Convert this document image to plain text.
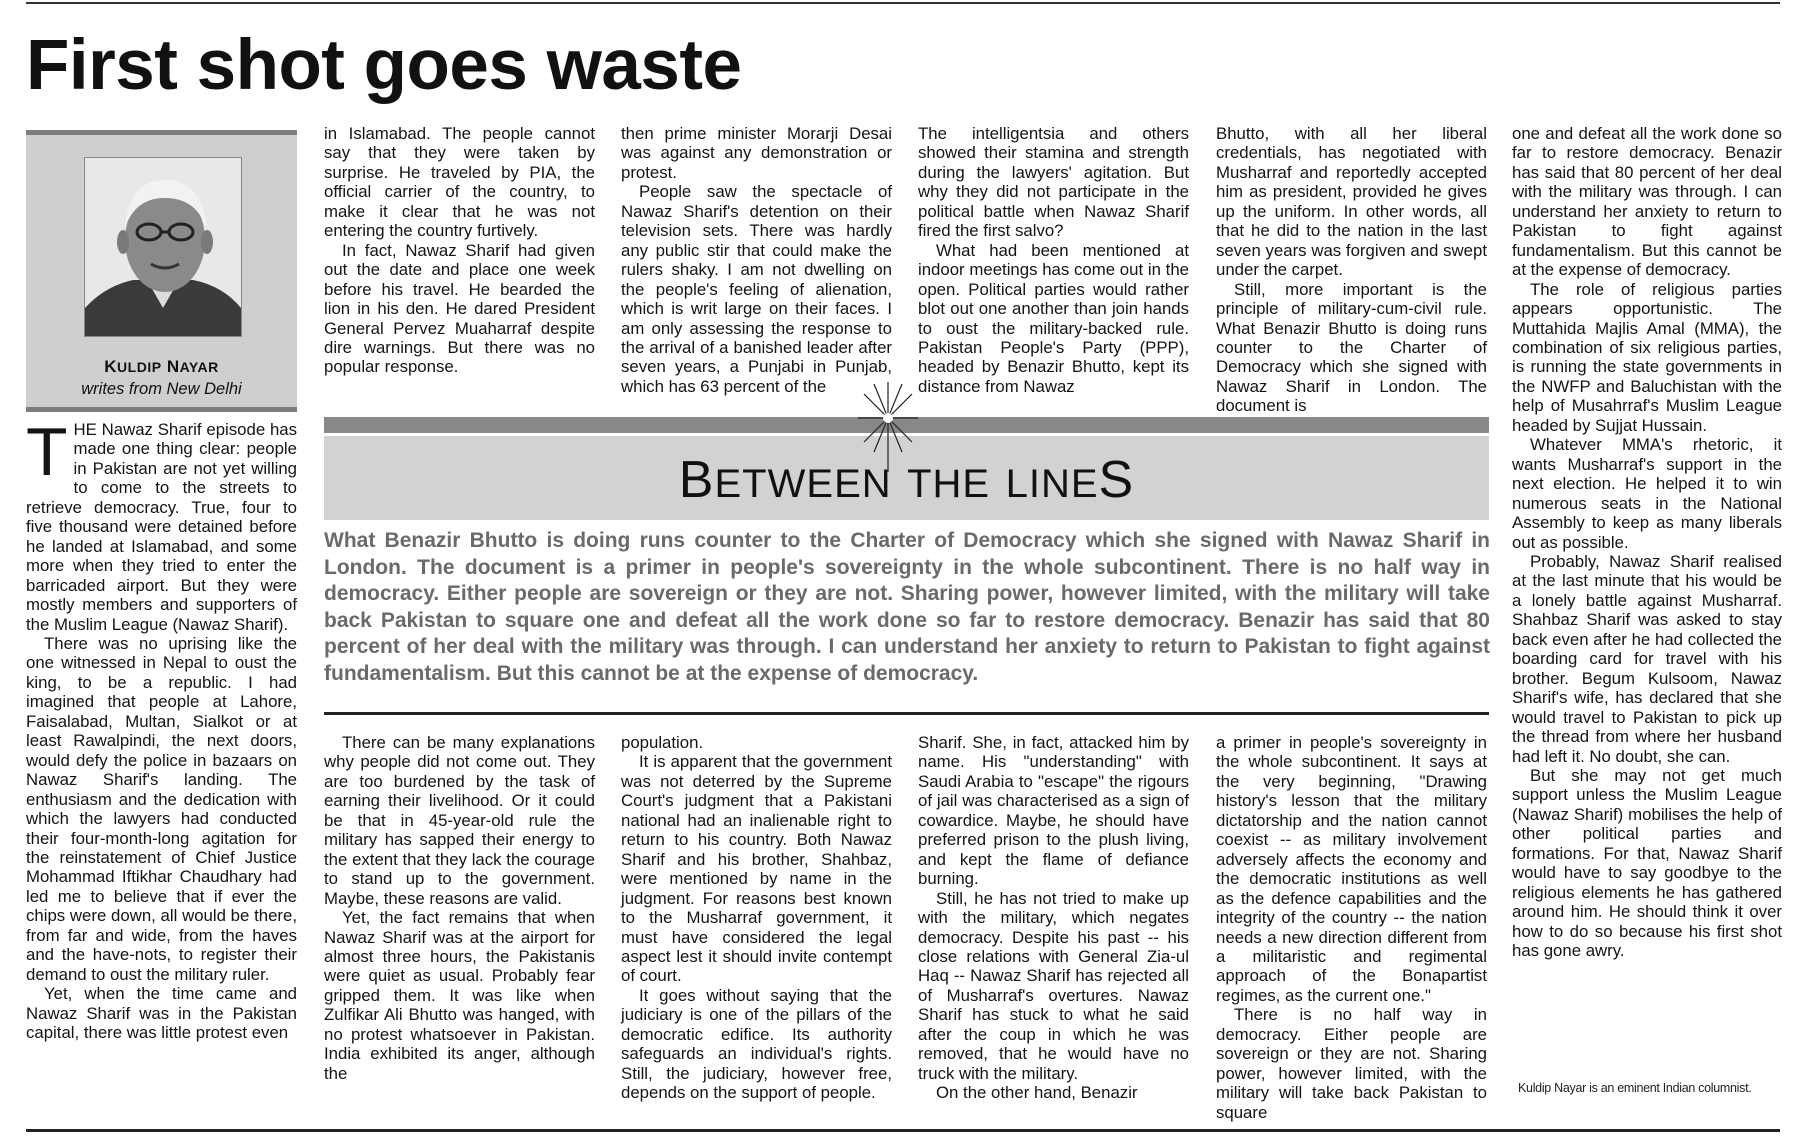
First shot goes waste
KULDIP NAYAR
writes from New Delhi

THE Nawaz Sharif episode has made one thing clear: people in Pakistan are not yet willing to come to the streets to retrieve democracy. True, four to five thousand were detained before he landed at Islamabad, and some more when they tried to enter the barricaded airport. But they were mostly members and supporters of the Muslim League (Nawaz Sharif).

There was no uprising like the one witnessed in Nepal to oust the king, to be a republic. I had imagined that people at Lahore, Faisalabad, Multan, Sialkot or at least Rawalpindi, the next doors, would defy the police in bazaars on Nawaz Sharif's landing. The enthusiasm and the dedication with which the lawyers had conducted their four-month-long agitation for the reinstatement of Chief Justice Mohammad Iftikhar Chaudhary had led me to believe that if ever the chips were down, all would be there, from far and wide, from the haves and the have-nots, to register their demand to oust the military ruler.

Yet, when the time came and Nawaz Sharif was in the Pakistan capital, there was little protest even

in Islamabad. The people cannot say that they were taken by surprise. He traveled by PIA, the official carrier of the country, to make it clear that he was not entering the country furtively.

In fact, Nawaz Sharif had given out the date and place one week before his travel. He bearded the lion in his den. He dared President General Pervez Muaharraf despite dire warnings. But there was no popular response.

then prime minister Morarji Desai was against any demonstration or protest.

People saw the spectacle of Nawaz Sharif's detention on their television sets. There was hardly any public stir that could make the rulers shaky. I am not dwelling on the people's feeling of alienation, which is writ large on their faces. I am only assessing the response to the arrival of a banished leader after seven years, a Punjabi in Punjab, which has 63 percent of the

The intelligentsia and others showed their stamina and strength during the lawyers' agitation. But why they did not participate in the political battle when Nawaz Sharif fired the first salvo?

What had been mentioned at indoor meetings has come out in the open. Political parties would rather blot out one another than join hands to oust the military-backed rule. Pakistan People's Party (PPP), headed by Benazir Bhutto, kept its distance from Nawaz

Bhutto, with all her liberal credentials, has negotiated with Musharraf and reportedly accepted him as president, provided he gives up the uniform. In other words, all that he did to the nation in the last seven years was forgiven and swept under the carpet.

Still, more important is the principle of military-cum-civil rule. What Benazir Bhutto is doing runs counter to the Charter of Democracy which she signed with Nawaz Sharif in London. The document is

BETWEEN THE LINES
What Benazir Bhutto is doing runs counter to the Charter of Democracy which she signed with Nawaz Sharif in London. The document is a primer in people's sovereignty in the whole subcontinent. There is no half way in democracy. Either people are sovereign or they are not. Sharing power, however limited, with the military will take back Pakistan to square one and defeat all the work done so far to restore democracy. Benazir has said that 80 percent of her deal with the military was through. I can understand her anxiety to return to Pakistan to fight against fundamentalism. But this cannot be at the expense of democracy.

There can be many explanations why people did not come out. They are too burdened by the task of earning their livelihood. Or it could be that in 45-year-old rule the military has sapped their energy to the extent that they lack the courage to stand up to the government. Maybe, these reasons are valid.

Yet, the fact remains that when Nawaz Sharif was at the airport for almost three hours, the Pakistanis were quiet as usual. Probably fear gripped them. It was like when Zulfikar Ali Bhutto was hanged, with no protest whatsoever in Pakistan. India exhibited its anger, although the

population.

It is apparent that the government was not deterred by the Supreme Court's judgment that a Pakistani national had an inalienable right to return to his country. Both Nawaz Sharif and his brother, Shahbaz, were mentioned by name in the judgment. For reasons best known to the Musharraf government, it must have considered the legal aspect lest it should invite contempt of court.

It goes without saying that the judiciary is one of the pillars of the democratic edifice. Its authority safeguards an individual's rights. Still, the judiciary, however free, depends on the support of people.

Sharif. She, in fact, attacked him by name. His "understanding" with Saudi Arabia to "escape" the rigours of jail was characterised as a sign of cowardice. Maybe, he should have preferred prison to the plush living, and kept the flame of defiance burning.

Still, he has not tried to make up with the military, which negates democracy. Despite his past -- his close relations with General Zia-ul Haq -- Nawaz Sharif has rejected all of Musharraf's overtures. Nawaz Sharif has stuck to what he said after the coup in which he was removed, that he would have no truck with the military.

On the other hand, Benazir

a primer in people's sovereignty in the whole subcontinent. It says at the very beginning, "Drawing history's lesson that the military dictatorship and the nation cannot coexist -- as military involvement adversely affects the economy and the democratic institutions as well as the defence capabilities and the integrity of the country -- the nation needs a new direction different from a militaristic and regimental approach of the Bonapartist regimes, as the current one."

There is no half way in democracy. Either people are sovereign or they are not. Sharing power, however limited, with the military will take back Pakistan to square

one and defeat all the work done so far to restore democracy. Benazir has said that 80 percent of her deal with the military was through. I can understand her anxiety to return to Pakistan to fight against fundamentalism. But this cannot be at the expense of democracy.

The role of religious parties appears opportunistic. The Muttahida Majlis Amal (MMA), the combination of six religious parties, is running the state governments in the NWFP and Baluchistan with the help of Musahrraf's Muslim League headed by Sujjat Hussain.

Whatever MMA's rhetoric, it wants Musharraf's support in the next election. He helped it to win numerous seats in the National Assembly to keep as many liberals out as possible.

Probably, Nawaz Sharif realised at the last minute that his would be a lonely battle against Musharraf. Shahbaz Sharif was asked to stay back even after he had collected the boarding card for travel with his brother. Begum Kulsoom, Nawaz Sharif's wife, has declared that she would travel to Pakistan to pick up the thread from where her husband had left it. No doubt, she can.

But she may not get much support unless the Muslim League (Nawaz Sharif) mobilises the help of other political parties and formations. For that, Nawaz Sharif would have to say goodbye to the religious elements he has gathered around him. He should think it over how to do so because his first shot has gone awry.

Kuldip Nayar is an eminent Indian columnist.
